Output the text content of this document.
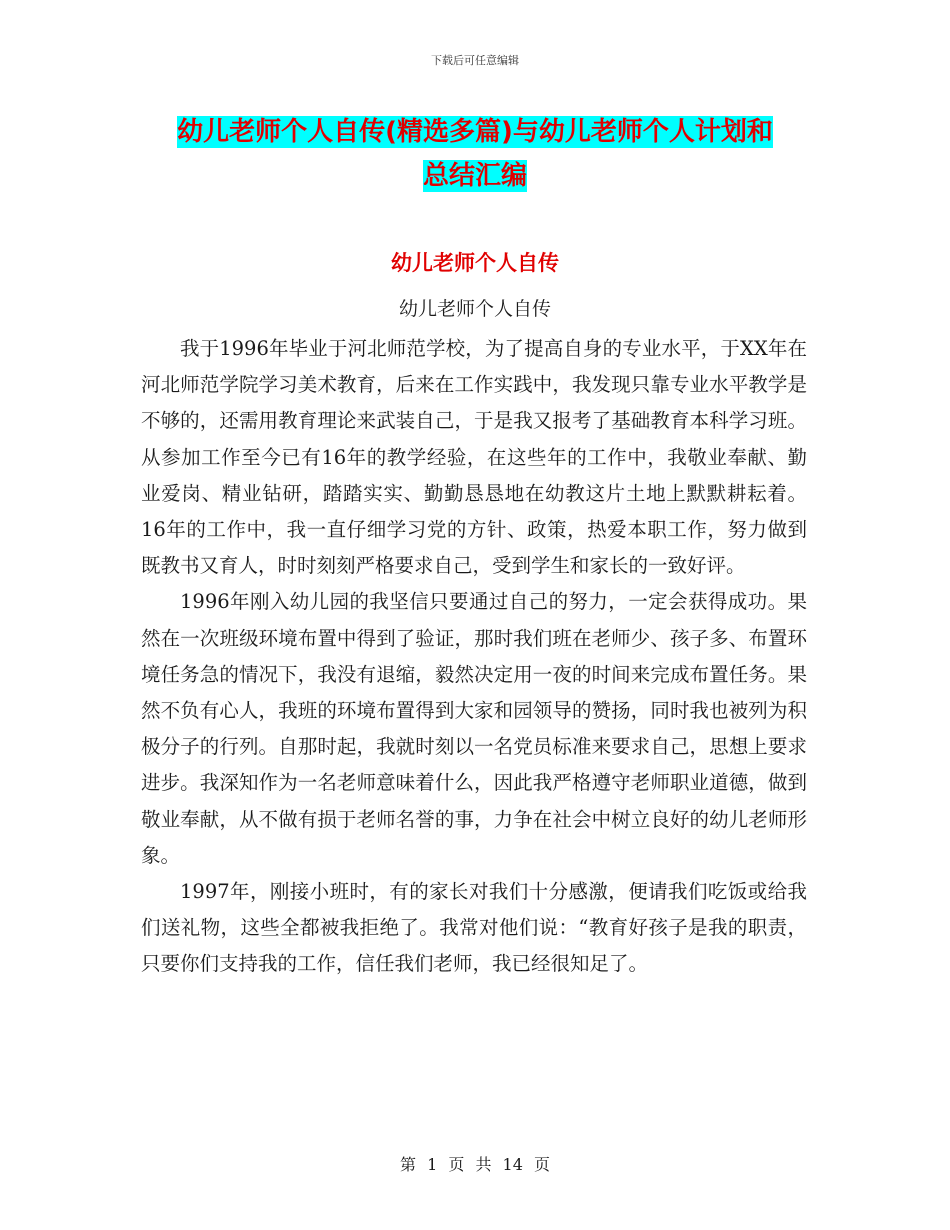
下载后可任意编辑
幼儿老师个人自传(精选多篇)与幼儿老师个人计划和
总结汇编
幼儿老师个人自传
幼儿老师个人自传

我于1996年毕业于河北师范学校，为了提高自身的专业水平，于XX年在河北师范学院学习美术教育，后来在工作实践中，我发现只靠专业水平教学是不够的，还需用教育理论来武装自己，于是我又报考了基础教育本科学习班。从参加工作至今已有16年的教学经验，在这些年的工作中，我敬业奉献、勤业爱岗、精业钻研，踏踏实实、勤勤恳恳地在幼教这片土地上默默耕耘着。16年的工作中，我一直仔细学习党的方针、政策，热爱本职工作，努力做到既教书又育人，时时刻刻严格要求自己，受到学生和家长的一致好评。

1996年刚入幼儿园的我坚信只要通过自己的努力，一定会获得成功。果然在一次班级环境布置中得到了验证，那时我们班在老师少、孩子多、布置环境任务急的情况下，我没有退缩，毅然决定用一夜的时间来完成布置任务。果然不负有心人，我班的环境布置得到大家和园领导的赞扬，同时我也被列为积极分子的行列。自那时起，我就时刻以一名党员标准来要求自己，思想上要求进步。我深知作为一名老师意味着什么，因此我严格遵守老师职业道德，做到敬业奉献，从不做有损于老师名誉的事，力争在社会中树立良好的幼儿老师形象。

1997年，刚接小班时，有的家长对我们十分感激，便请我们吃饭或给我们送礼物，这些全都被我拒绝了。我常对他们说：“教育好孩子是我的职责，只要你们支持我的工作，信任我们老师，我已经很知足了。

第 1 页 共 14 页
